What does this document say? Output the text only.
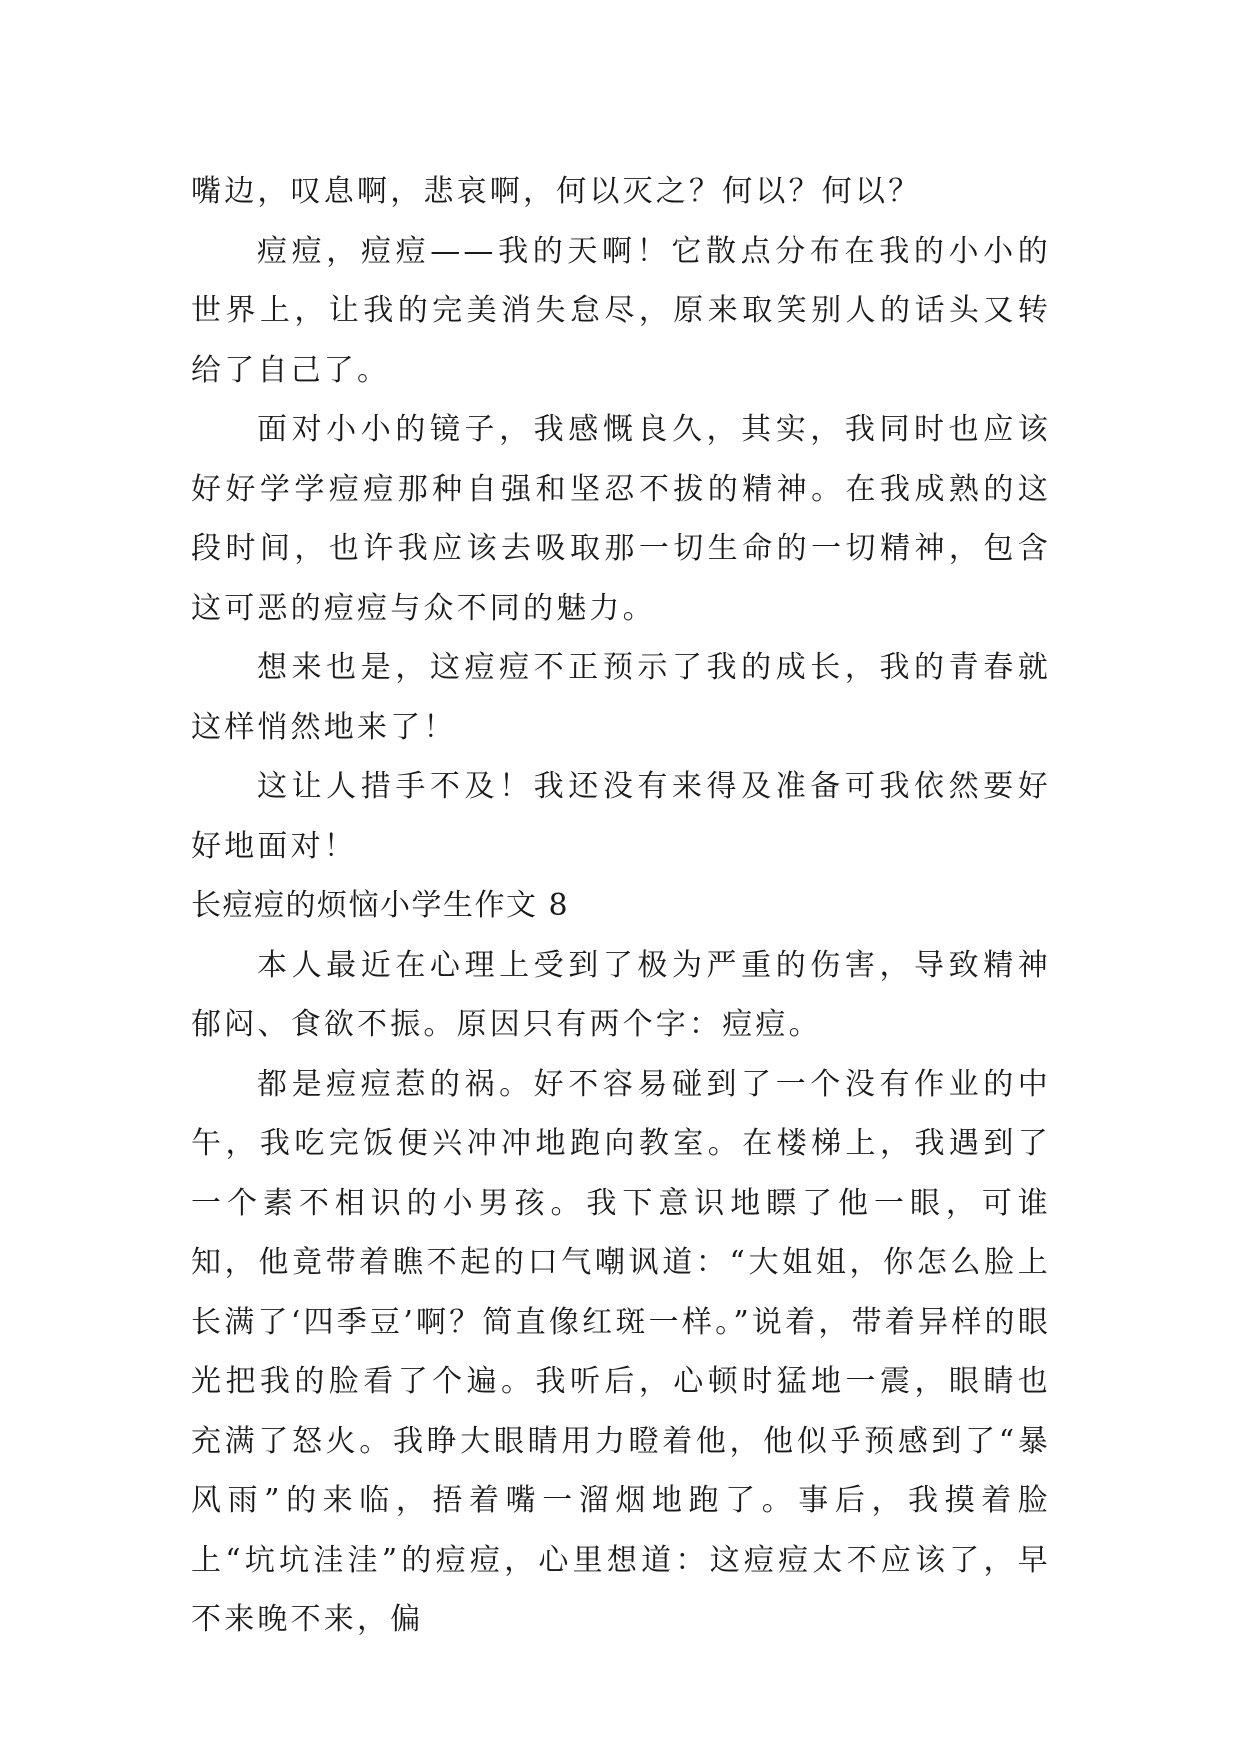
嘴边，叹息啊，悲哀啊，何以灭之？何以？何以？

痘痘，痘痘——我的天啊！它散点分布在我的小小的世界上，让我的完美消失怠尽，原来取笑别人的话头又转给了自己了。

面对小小的镜子，我感慨良久，其实，我同时也应该好好学学痘痘那种自强和坚忍不拔的精神。在我成熟的这段时间，也许我应该去吸取那一切生命的一切精神，包含这可恶的痘痘与众不同的魅力。

想来也是，这痘痘不正预示了我的成长，我的青春就这样悄然地来了！

这让人措手不及！我还没有来得及准备可我依然要好好地面对！

长痘痘的烦恼小学生作文 8

本人最近在心理上受到了极为严重的伤害，导致精神郁闷、食欲不振。原因只有两个字：痘痘。

都是痘痘惹的祸。好不容易碰到了一个没有作业的中午，我吃完饭便兴冲冲地跑向教室。在楼梯上，我遇到了一个素不相识的小男孩。我下意识地瞟了他一眼，可谁知，他竟带着瞧不起的口气嘲讽道：“大姐姐，你怎么脸上长满了‘四季豆’啊？简直像红斑一样。”说着，带着异样的眼光把我的脸看了个遍。我听后，心顿时猛地一震，眼睛也充满了怒火。我睁大眼睛用力瞪着他，他似乎预感到了“暴风雨”的来临，捂着嘴一溜烟地跑了。事后，我摸着脸上“坑坑洼洼”的痘痘，心里想道：这痘痘太不应该了，早不来晚不来，偏
